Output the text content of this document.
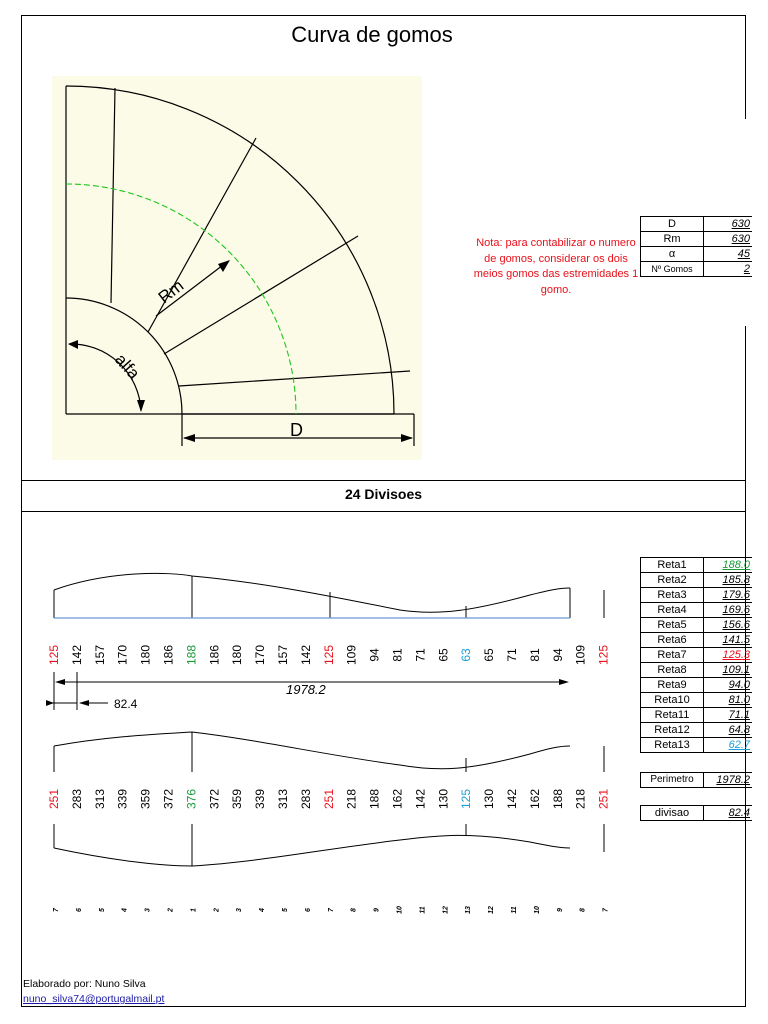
Curva de gomos
Rm
alfa
D
Nota: para contabilizar o numero de gomos, considerar os dois meios gomos das estremidades 1 gomo.
D	630
Rm	630
α	45
Nº Gomos	2
24 Divisoes
Reta1	188.0
Reta2	185.8
Reta3	179.6
Reta4	169.6
Reta5	156.6
Reta6	141.5
Reta7	125.3
Reta8	109.1
Reta9	94.0
Reta10	81.0
Reta11	71.1
Reta12	64.8
Reta13	62.7
Perimetro	1978.2
divisao	82.4
1978.2
82.4
125 142 157 170 180 186 188 186 180 170 157 142 125 109 94 81 71 65 63 65 71 81 94 109 125
251 283 313 339 359 372 376 372 359 339 313 283 251 218 188 162 142 130 125 130 142 162 188 218 251
7 6 5 4 3 2 1 2 3 4 5 6 7 8 9 10 11 12 13 12 11 10 9 8 7
Elaborado por: Nuno Silva
nuno_silva74@portugalmail.pt
